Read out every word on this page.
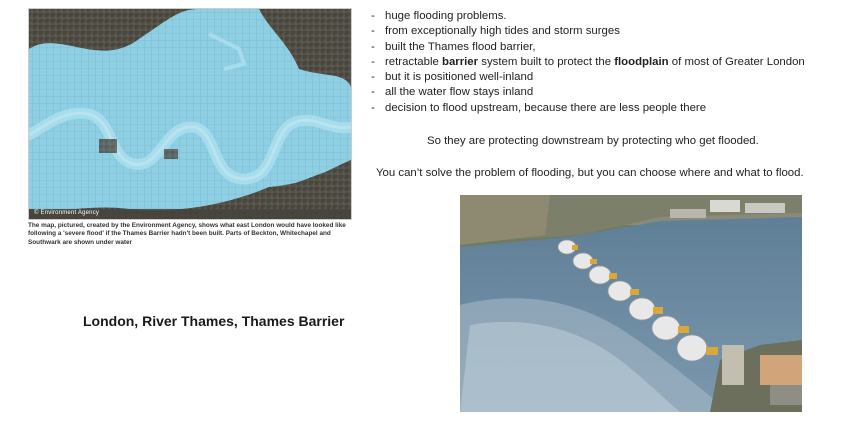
© Environment Agency
The map, pictured, created by the Environment Agency, shows what east London would have looked like following a 'severe flood' if the Thames Barrier hadn't been built. Parts of Beckton, Whitechapel and Southwark are shown under water
- huge flooding problems.
- from exceptionally high tides and storm surges
- built the Thames flood barrier,
- retractable barrier system built to protect the floodplain of most of Greater London
- but it is positioned well-inland
- all the water flow stays inland
- decision to flood upstream, because there are less people there
So they are protecting downstream by protecting who get flooded.
You can’t solve the problem of flooding, but you can choose where and what to flood.
London, River Thames, Thames Barrier
